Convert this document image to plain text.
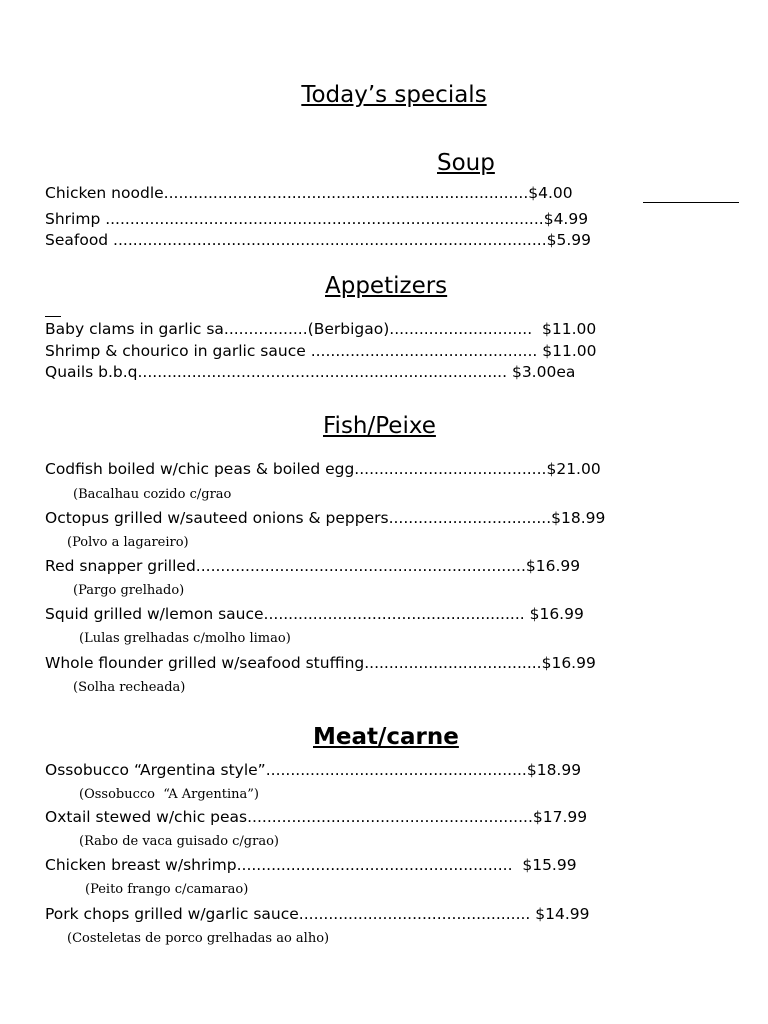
Today’s specials
Soup
Chicken noodle..........................................................................$4.00
Shrimp .........................................................................................$4.99
Seafood ........................................................................................$5.99
Appetizers
Baby clams in garlic sa.................(Berbigao).............................  $11.00
Shrimp & chourico in garlic sauce .............................................. $11.00
Quails b.b.q........................................................................... $3.00ea
Fish/Peixe
Codfish boiled w/chic peas & boiled egg.......................................$21.00
(Bacalhau cozido c/grao
Octopus grilled w/sauteed onions & peppers.................................$18.99
(Polvo a lagareiro)
Red snapper grilled...................................................................$16.99
(Pargo grelhado)
Squid grilled w/lemon sauce..................................................... $16.99
(Lulas grelhadas c/molho limao)
Whole flounder grilled w/seafood stuffing....................................$16.99
(Solha recheada)
Meat/carne
Ossobucco “Argentina style”.....................................................$18.99
(Ossobucco  “A Argentina”)
Oxtail stewed w/chic peas..........................................................$17.99
(Rabo de vaca guisado c/grao)
Chicken breast w/shrimp........................................................  $15.99
(Peito frango c/camarao)
Pork chops grilled w/garlic sauce............................................... $14.99
(Costeletas de porco grelhadas ao alho)
